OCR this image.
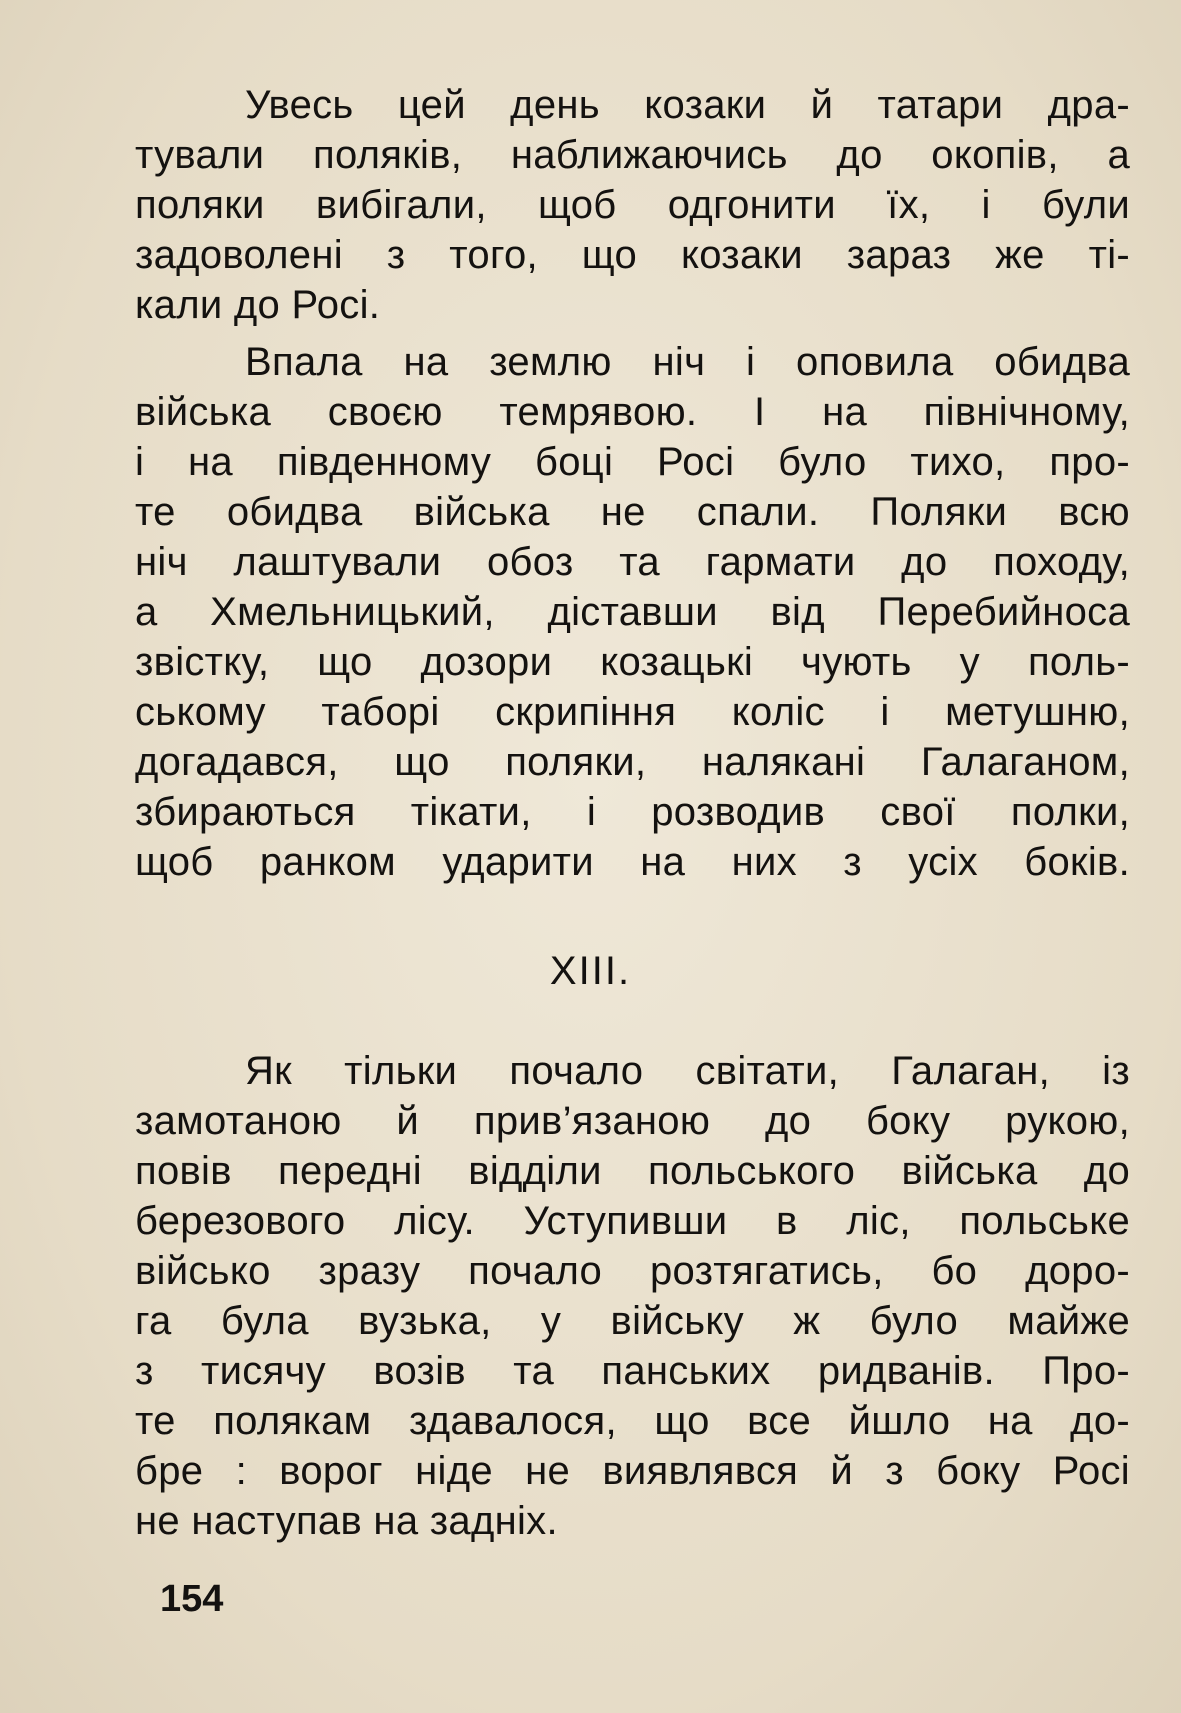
Увесь цей день козаки й татари дра-
тували поляків, наближаючись до окопів, а
поляки вибігали, щоб одгонити їх, і були
задоволені з того, що козаки зараз же ті-
кали до Росі.
Впала на землю ніч і оповила обидва
війська своєю темрявою. І на північному,
і на південному боці Росі було тихо, про-
те обидва війська не спали. Поляки всю
ніч лаштували обоз та гармати до походу,
а Хмельницький, діставши від Перебийноса
звістку, що дозори козацькі чують у поль-
ському таборі скрипіння коліс і метушню,
догадався, що поляки, налякані Галаганом,
збираються тікати, і розводив свої полки,
щоб ранком ударити на них з усіх боків.
XIII.
Як тільки почало світати, Галаган, із
замотаною й прив’язаною до боку рукою,
повів передні відділи польського війська до
березового лісу. Уступивши в ліс, польське
військо зразу почало розтягатись, бо доро-
га була вузька, у війську ж було майже
з тисячу возів та панських ридванів. Про-
те полякам здавалося, що все йшло на до-
бре : ворог ніде не виявлявся й з боку Росі
не наступав на задніх.
154
